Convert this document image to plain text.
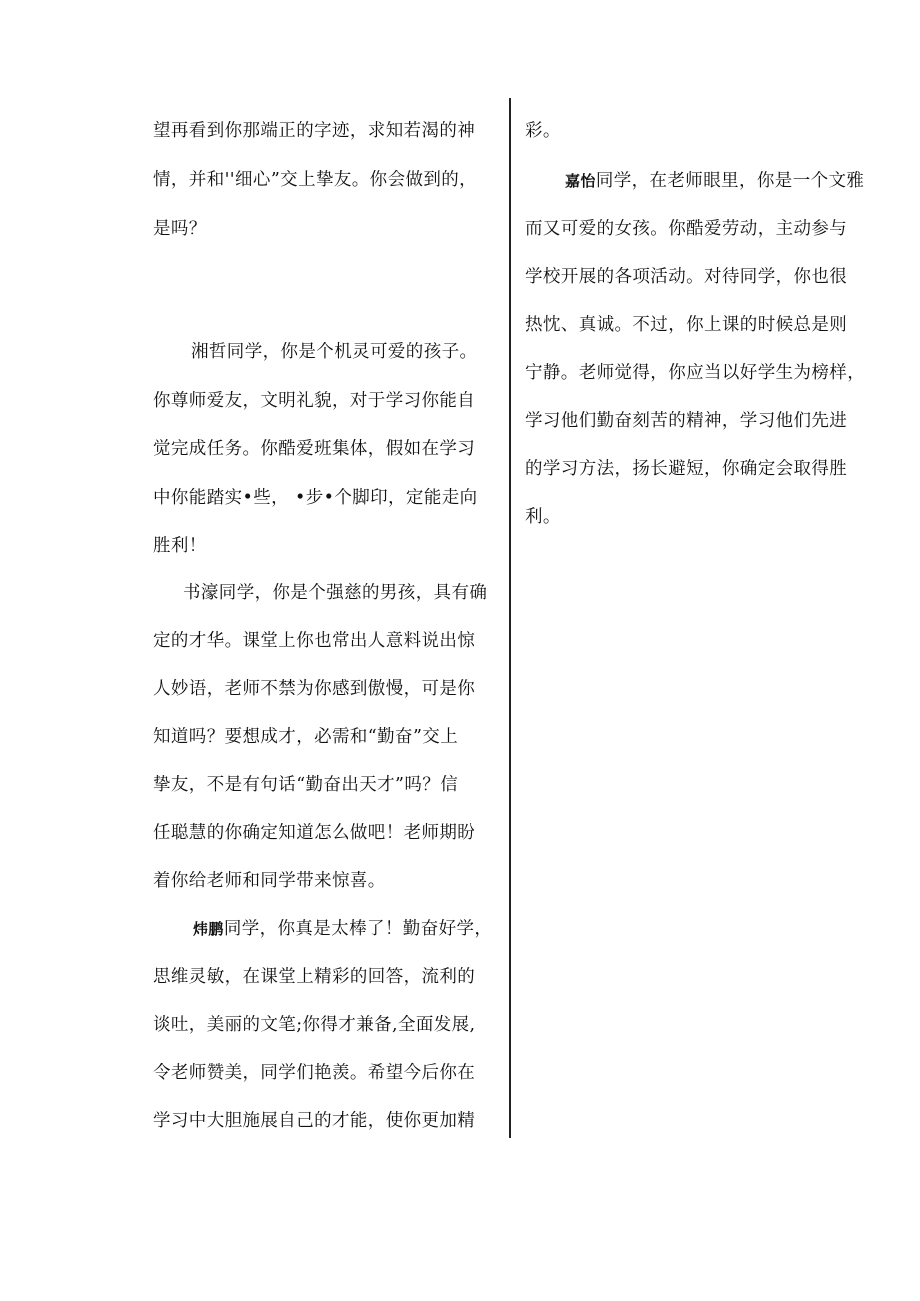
望再看到你那端正的字迹，求知若渴的神
情，并和''细心”交上挚友。你会做到的，
是吗？
湘哲同学，你是个机灵可爱的孩子。
你尊师爱友，文明礼貌，对于学习你能自
觉完成任务。你酷爱班集体，假如在学习
中你能踏实•些， •步•个脚印，定能走向
胜利！
书濠同学，你是个强慈的男孩，具有确
定的才华。课堂上你也常出人意料说出惊
人妙语，老师不禁为你感到傲慢，可是你
知道吗？要想成才，必需和“勤奋”交上
挚友，不是有句话“勤奋出天才”吗？信
任聪慧的你确定知道怎么做吧！老师期盼
着你给老师和同学带来惊喜。
炜鹏同学，你真是太棒了！勤奋好学，
思维灵敏，在课堂上精彩的回答，流利的
谈吐，美丽的文笔;你得才兼备,全面发展,
令老师赞美，同学们艳羡。希望今后你在
学习中大胆施展自己的才能，使你更加精
彩。
嘉怡同学，在老师眼里，你是一个文雅
而又可爱的女孩。你酷爱劳动，主动参与
学校开展的各项活动。对待同学，你也很
热忱、真诚。不过，你上课的时候总是则
宁静。老师觉得，你应当以好学生为榜样，
学习他们勤奋刻苦的精神，学习他们先进
的学习方法，扬长避短，你确定会取得胜
利。
